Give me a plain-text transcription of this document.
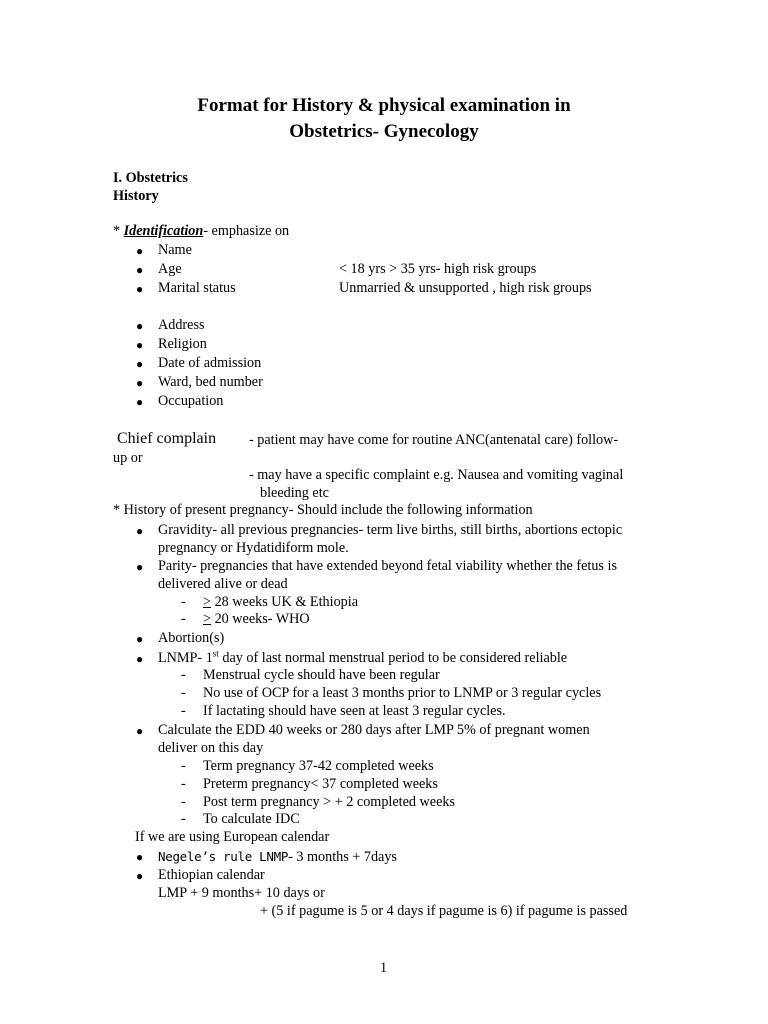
Format for History & physical examination in
Obstetrics- Gynecology
I. Obstetrics
History
* Identification- emphasize on
● Name
● Age	< 18 yrs > 35 yrs- high risk groups
● Marital status	Unmarried & unsupported , high risk groups
● Address
● Religion
● Date of admission
● Ward, bed number
● Occupation
Chief complain - patient may have come for routine ANC(antenatal care) follow-
up or
- may have a specific complaint e.g. Nausea and vomiting vaginal
bleeding etc
* History of present pregnancy- Should include the following information
● Gravidity- all previous pregnancies- term live births, still births, abortions ectopic
pregnancy or Hydatidiform mole.
● Parity- pregnancies that have extended beyond fetal viability whether the fetus is
delivered alive or dead
- ≥ 28 weeks UK & Ethiopia
- ≥ 20 weeks- WHO
● Abortion(s)
● LNMP- 1st day of last normal menstrual period to be considered reliable
- Menstrual cycle should have been regular
- No use of OCP for a least 3 months prior to LNMP or 3 regular cycles
- If lactating should have seen at least 3 regular cycles.
● Calculate the EDD 40 weeks or 280 days after LMP 5% of pregnant women
deliver on this day
- Term pregnancy 37-42 completed weeks
- Preterm pregnancy< 37 completed weeks
- Post term pregnancy > + 2 completed weeks
- To calculate IDC
If we are using European calendar
● Negele’s rule LNMP- 3 months + 7days
● Ethiopian calendar
LMP + 9 months+ 10 days or
+ (5 if pagume is 5 or 4 days if pagume is 6) if pagume is passed
1
